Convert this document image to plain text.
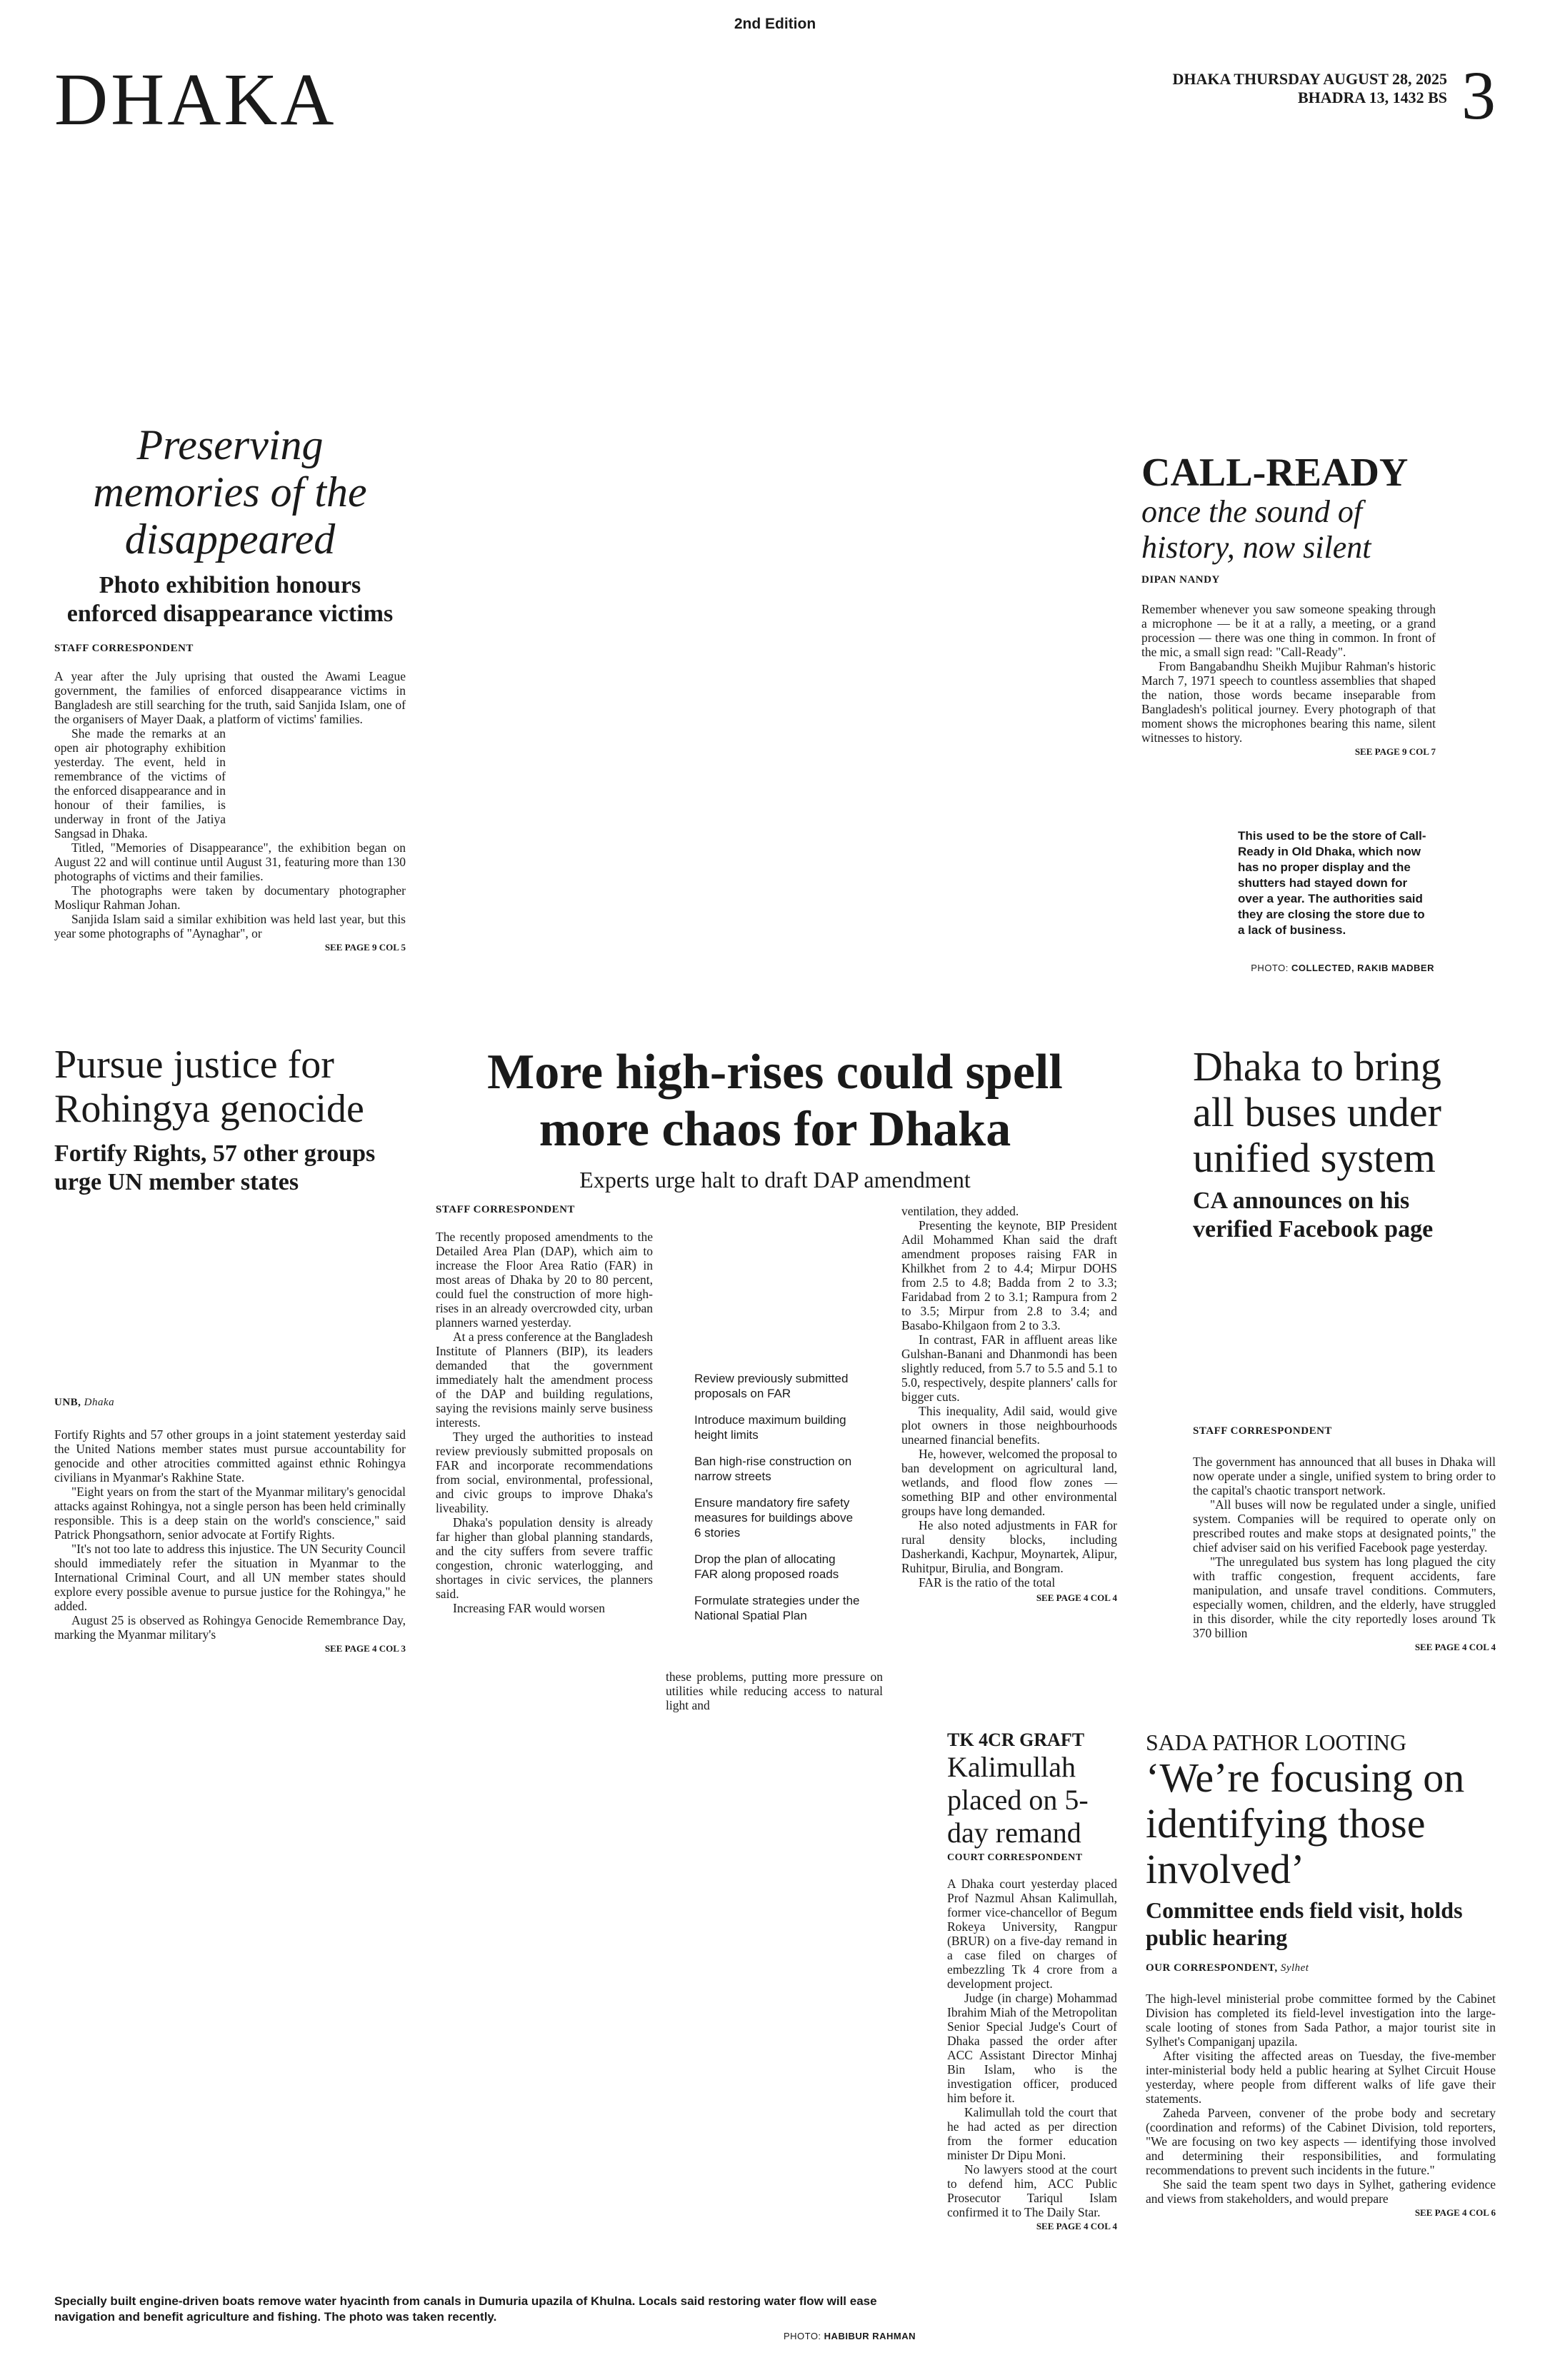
2nd Edition
DHAKA	DHAKA THURSDAY AUGUST 28, 2025
BHADRA 13, 1432 BS 3
Preserving memories of the disappeared
Photo exhibition honours enforced disappearance victims
STAFF CORRESPONDENT

A year after the July uprising that ousted the Awami League government, the families of enforced disappearance victims in Bangladesh are still searching for the truth, said Sanjida Islam, one of the organisers of Mayer Daak, a platform of victims' families.

She made the remarks at an open air photography exhibition yesterday. The event, held in remembrance of the victims of the enforced disappearance and in honour of their families, is underway in front of the Jatiya Sangsad in Dhaka.

Titled, "Memories of Disappearance", the exhibition began on August 22 and will continue until August 31, featuring more than 130 photographs of victims and their families.

The photographs were taken by documentary photographer Mosliqur Rahman Johan.

Sanjida Islam said a similar exhibition was held last year, but this year some photographs of "Aynaghar", or

SEE PAGE 9 COL 5
CALL-READY
once the sound of history, now silent
DIPAN NANDY

Remember whenever you saw someone speaking through a microphone — be it at a rally, a meeting, or a grand procession — there was one thing in common. In front of the mic, a small sign read: "Call-Ready".

From Bangabandhu Sheikh Mujibur Rahman's historic March 7, 1971 speech to countless assemblies that shaped the nation, those words became inseparable from Bangladesh's political journey. Every photograph of that moment shows the microphones bearing this name, silent witnesses to history.

SEE PAGE 9 COL 7
This used to be the store of Call-Ready in Old Dhaka, which now has no proper display and the shutters had stayed down for over a year. The authorities said they are closing the store due to a lack of business.
PHOTO: COLLECTED, RAKIB MADBER
Pursue justice for Rohingya genocide
Fortify Rights, 57 other groups urge UN member states
UNB, Dhaka

Fortify Rights and 57 other groups in a joint statement yesterday said the United Nations member states must pursue accountability for genocide and other atrocities committed against ethnic Rohingya civilians in Myanmar's Rakhine State.

"Eight years on from the start of the Myanmar military's genocidal attacks against Rohingya, not a single person has been held criminally responsible. This is a deep stain on the world's conscience," said Patrick Phongsathorn, senior advocate at Fortify Rights.

"It's not too late to address this injustice. The UN Security Council should immediately refer the situation in Myanmar to the International Criminal Court, and all UN member states should explore every possible avenue to pursue justice for the Rohingya," he added.

August 25 is observed as Rohingya Genocide Remembrance Day, marking the Myanmar military's

SEE PAGE 4 COL 3
More high-rises could spell more chaos for Dhaka
Experts urge halt to draft DAP amendment
STAFF CORRESPONDENT

The recently proposed amendments to the Detailed Area Plan (DAP), which aim to increase the Floor Area Ratio (FAR) in most areas of Dhaka by 20 to 80 percent, could fuel the construction of more high-rises in an already overcrowded city, urban planners warned yesterday.

At a press conference at the Bangladesh Institute of Planners (BIP), its leaders demanded that the government immediately halt the amendment process of the DAP and building regulations, saying the revisions mainly serve business interests.

They urged the authorities to instead review previously submitted proposals on FAR and incorporate recommendations from social, environmental, professional, and civic groups to improve Dhaka's liveability.

Dhaka's population density is already far higher than global planning standards, and the city suffers from severe traffic congestion, chronic waterlogging, and shortages in civic services, the planners said.

Increasing FAR would worsen

Review previously submitted proposals on FAR
Introduce maximum building height limits
Ban high-rise construction on narrow streets
Ensure mandatory fire safety measures for buildings above 6 stories
Drop the plan of allocating FAR along proposed roads
Formulate strategies under the National Spatial Plan

these problems, putting more pressure on utilities while reducing access to natural light and

ventilation, they added.

Presenting the keynote, BIP President Adil Mohammed Khan said the draft amendment proposes raising FAR in Khilkhet from 2 to 4.4; Mirpur DOHS from 2.5 to 4.8; Badda from 2 to 3.3; Faridabad from 2 to 3.1; Rampura from 2 to 3.5; Mirpur from 2.8 to 3.4; and Basabo-Khilgaon from 2 to 3.3.

In contrast, FAR in affluent areas like Gulshan-Banani and Dhanmondi has been slightly reduced, from 5.7 to 5.5 and 5.1 to 5.0, respectively, despite planners' calls for bigger cuts.

This inequality, Adil said, would give plot owners in those neighbourhoods unearned financial benefits.

He, however, welcomed the proposal to ban development on agricultural land, wetlands, and flood flow zones — something BIP and other environmental groups have long demanded.

He also noted adjustments in FAR for rural density blocks, including Dasherkandi, Kachpur, Moynartek, Alipur, Ruhitpur, Birulia, and Bongram.

FAR is the ratio of the total

SEE PAGE 4 COL 4
Dhaka to bring all buses under unified system
CA announces on his verified Facebook page
STAFF CORRESPONDENT

The government has announced that all buses in Dhaka will now operate under a single, unified system to bring order to the capital's chaotic transport network.

"All buses will now be regulated under a single, unified system. Companies will be required to operate only on prescribed routes and make stops at designated points," the chief adviser said on his verified Facebook page yesterday.

"The unregulated bus system has long plagued the city with traffic congestion, frequent accidents, fare manipulation, and unsafe travel conditions. Commuters, especially women, children, and the elderly, have struggled in this disorder, while the city reportedly loses around Tk 370 billion

SEE PAGE 4 COL 4
TK 4CR GRAFT
Kalimullah placed on 5-day remand
COURT CORRESPONDENT

A Dhaka court yesterday placed Prof Nazmul Ahsan Kalimullah, former vice-chancellor of Begum Rokeya University, Rangpur (BRUR) on a five-day remand in a case filed on charges of embezzling Tk 4 crore from a development project.

Judge (in charge) Mohammad Ibrahim Miah of the Metropolitan Senior Special Judge's Court of Dhaka passed the order after ACC Assistant Director Minhaj Bin Islam, who is the investigation officer, produced him before it.

Kalimullah told the court that he had acted as per direction from the former education minister Dr Dipu Moni.

No lawyers stood at the court to defend him, ACC Public Prosecutor Tariqul Islam confirmed it to The Daily Star.

SEE PAGE 4 COL 4
SADA PATHOR LOOTING
‘We’re focusing on identifying those involved’
Committee ends field visit, holds public hearing
OUR CORRESPONDENT, Sylhet

The high-level ministerial probe committee formed by the Cabinet Division has completed its field-level investigation into the large-scale looting of stones from Sada Pathor, a major tourist site in Sylhet's Companiganj upazila.

After visiting the affected areas on Tuesday, the five-member inter-ministerial body held a public hearing at Sylhet Circuit House yesterday, where people from different walks of life gave their statements.

Zaheda Parveen, convener of the probe body and secretary (coordination and reforms) of the Cabinet Division, told reporters, "We are focusing on two key aspects — identifying those involved and determining their responsibilities, and formulating recommendations to prevent such incidents in the future."

She said the team spent two days in Sylhet, gathering evidence and views from stakeholders, and would prepare

SEE PAGE 4 COL 6
Specially built engine-driven boats remove water hyacinth from canals in Dumuria upazila of Khulna. Locals said restoring water flow will ease navigation and benefit agriculture and fishing. The photo was taken recently.
PHOTO: HABIBUR RAHMAN
